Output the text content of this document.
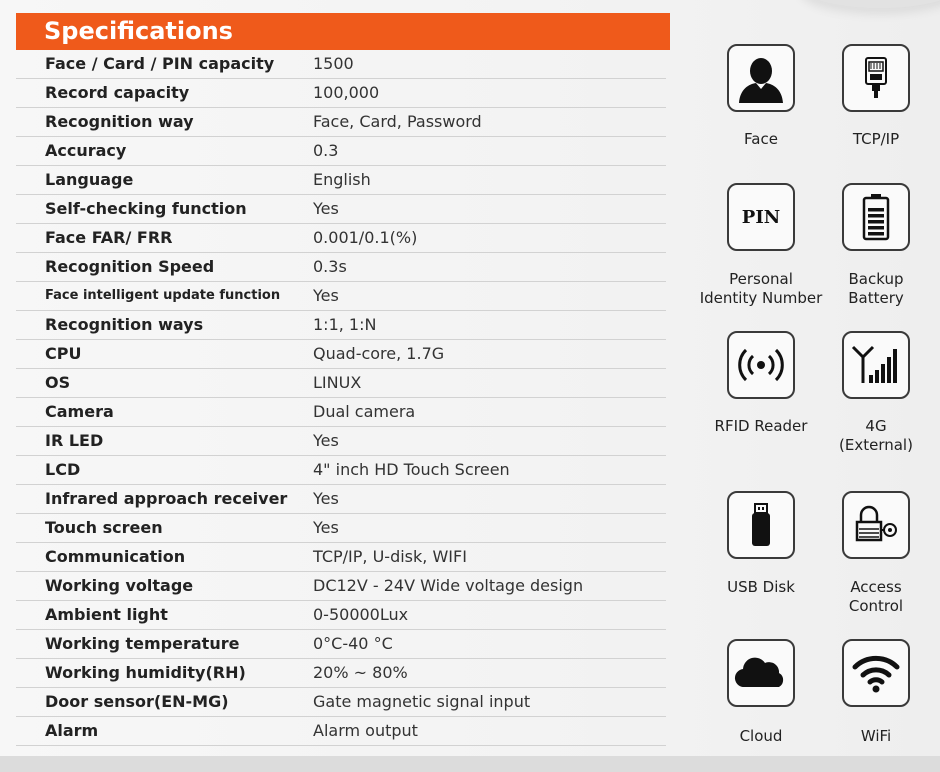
Specifications
Face / Card / PIN capacity 1500
Record capacity	100,000
Recognition way	Face, Card, Password
Accuracy	0.3
Language	English
Self-checking function	Yes
Face FAR/ FRR	0.001/0.1(%)
Recognition Speed	0.3s
Face intelligent update function Yes
Recognition ways	1:1, 1:N
CPU	Quad-core, 1.7G
OS	LINUX
Camera	Dual camera
IR LED	Yes
LCD	4" inch HD Touch Screen
Infrared approach receiver Yes
Touch screen	Yes
Communication	TCP/IP, U-disk, WIFI
Working voltage	DC12V - 24V Wide voltage design
Ambient light	0-50000Lux
Working temperature	0°C-40 °C
Working humidity(RH)	20% ~ 80%
Door sensor(EN-MG)	Gate magnetic signal input
Alarm	Alarm output
Face	TCP/IP
PIN
Personal
Identity Number
Backup
Battery
RFID Reader	4G
(External)
USB Disk	Access
Control
Cloud	WiFi
